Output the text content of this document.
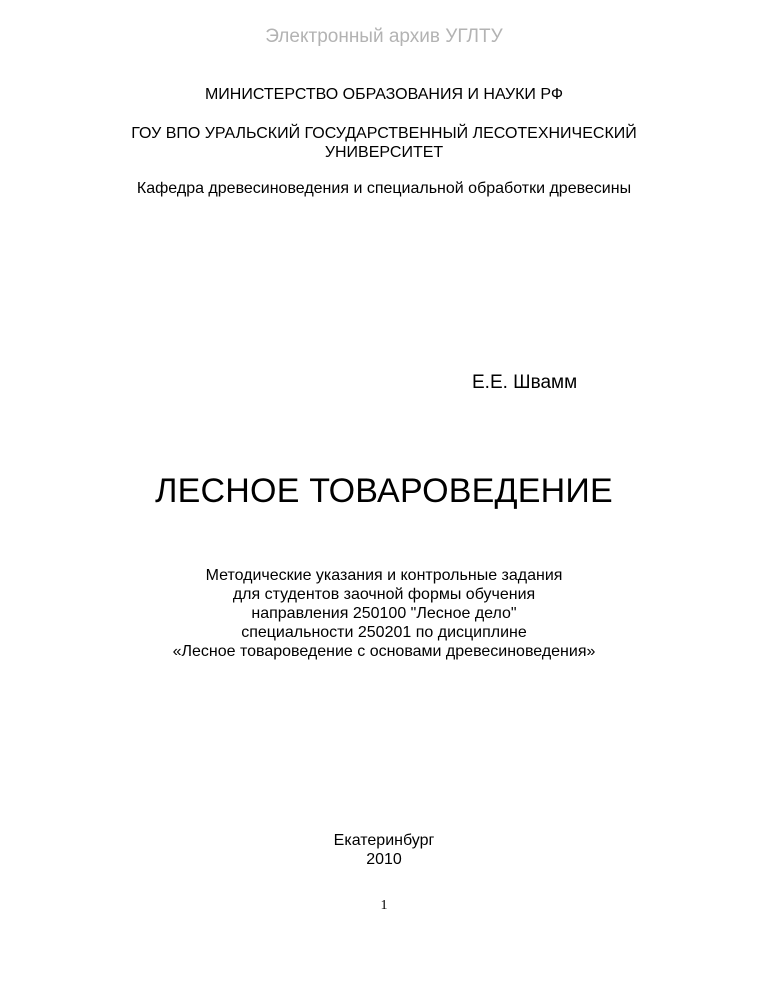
Электронный архив УГЛТУ
МИНИСТЕРСТВО ОБРАЗОВАНИЯ И НАУКИ РФ
ГОУ ВПО УРАЛЬСКИЙ ГОСУДАРСТВЕННЫЙ ЛЕСОТЕХНИЧЕСКИЙ
УНИВЕРСИТЕТ
Кафедра древесиноведения и специальной обработки древесины
Е.Е. Швамм
ЛЕСНОЕ ТОВАРОВЕДЕНИЕ
Методические указания и контрольные задания
для студентов заочной формы обучения
направления 250100 "Лесное дело"
специальности 250201 по дисциплине
«Лесное товароведение с основами древесиноведения»
Екатеринбург
2010
1
